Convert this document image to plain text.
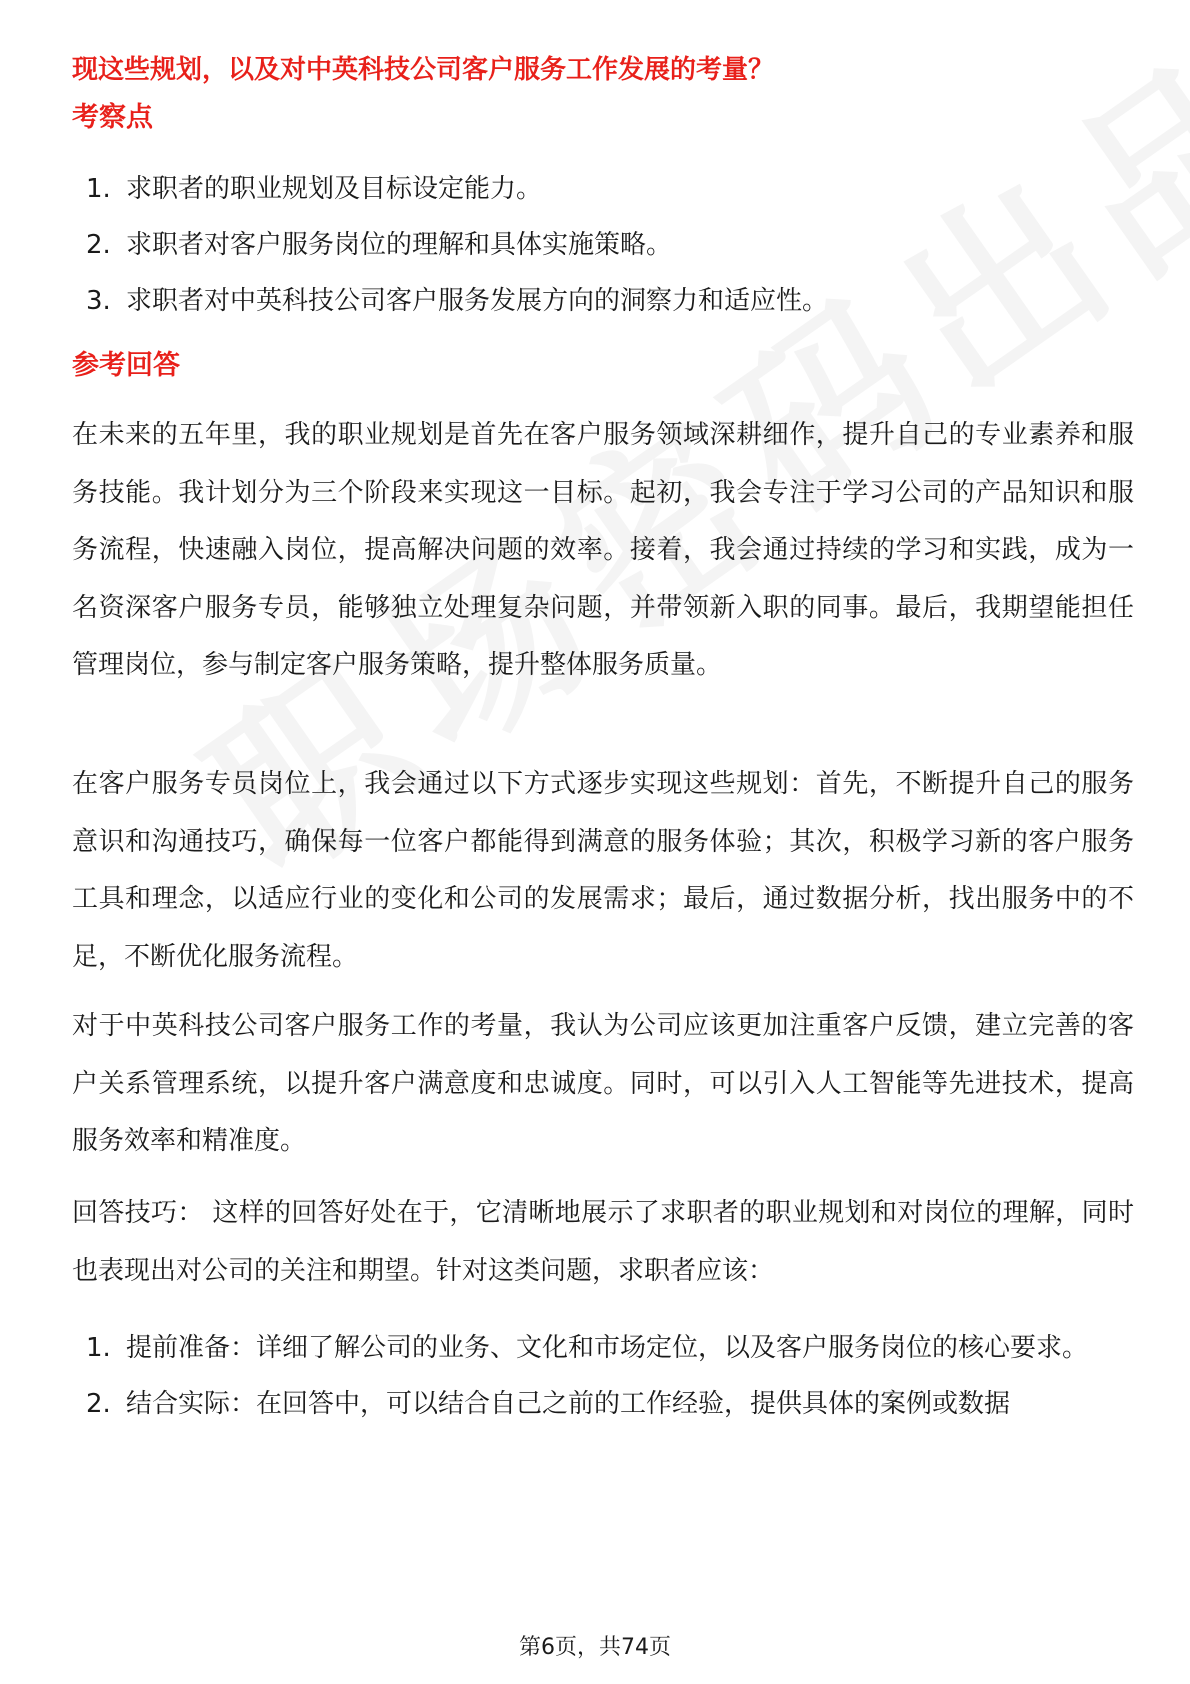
现这些规划，以及对中英科技公司客户服务工作发展的考量？
考察点
1. 求职者的职业规划及目标设定能力。
2. 求职者对客户服务岗位的理解和具体实施策略。
3. 求职者对中英科技公司客户服务发展方向的洞察力和适应性。
参考回答

在未来的五年里，我的职业规划是首先在客户服务领域深耕细作，提升自己的专业素养和服务技能。我计划分为三个阶段来实现这一目标。起初，我会专注于学习公司的产品知识和服务流程，快速融入岗位，提高解决问题的效率。接着，我会通过持续的学习和实践，成为一名资深客户服务专员，能够独立处理复杂问题，并带领新入职的同事。最后，我期望能担任管理岗位，参与制定客户服务策略，提升整体服务质量。

在客户服务专员岗位上，我会通过以下方式逐步实现这些规划：首先，不断提升自己的服务意识和沟通技巧，确保每一位客户都能得到满意的服务体验；其次，积极学习新的客户服务工具和理念，以适应行业的变化和公司的发展需求；最后，通过数据分析，找出服务中的不足，不断优化服务流程。

对于中英科技公司客户服务工作的考量，我认为公司应该更加注重客户反馈，建立完善的客户关系管理系统，以提升客户满意度和忠诚度。同时，可以引入人工智能等先进技术，提高服务效率和精准度。

回答技巧： 这样的回答好处在于，它清晰地展示了求职者的职业规划和对岗位的理解，同时也表现出对公司的关注和期望。针对这类问题，求职者应该：

1. 提前准备：详细了解公司的业务、文化和市场定位，以及客户服务岗位的核心要求。
2. 结合实际：在回答中，可以结合自己之前的工作经验，提供具体的案例或数据
第6页，共74页
